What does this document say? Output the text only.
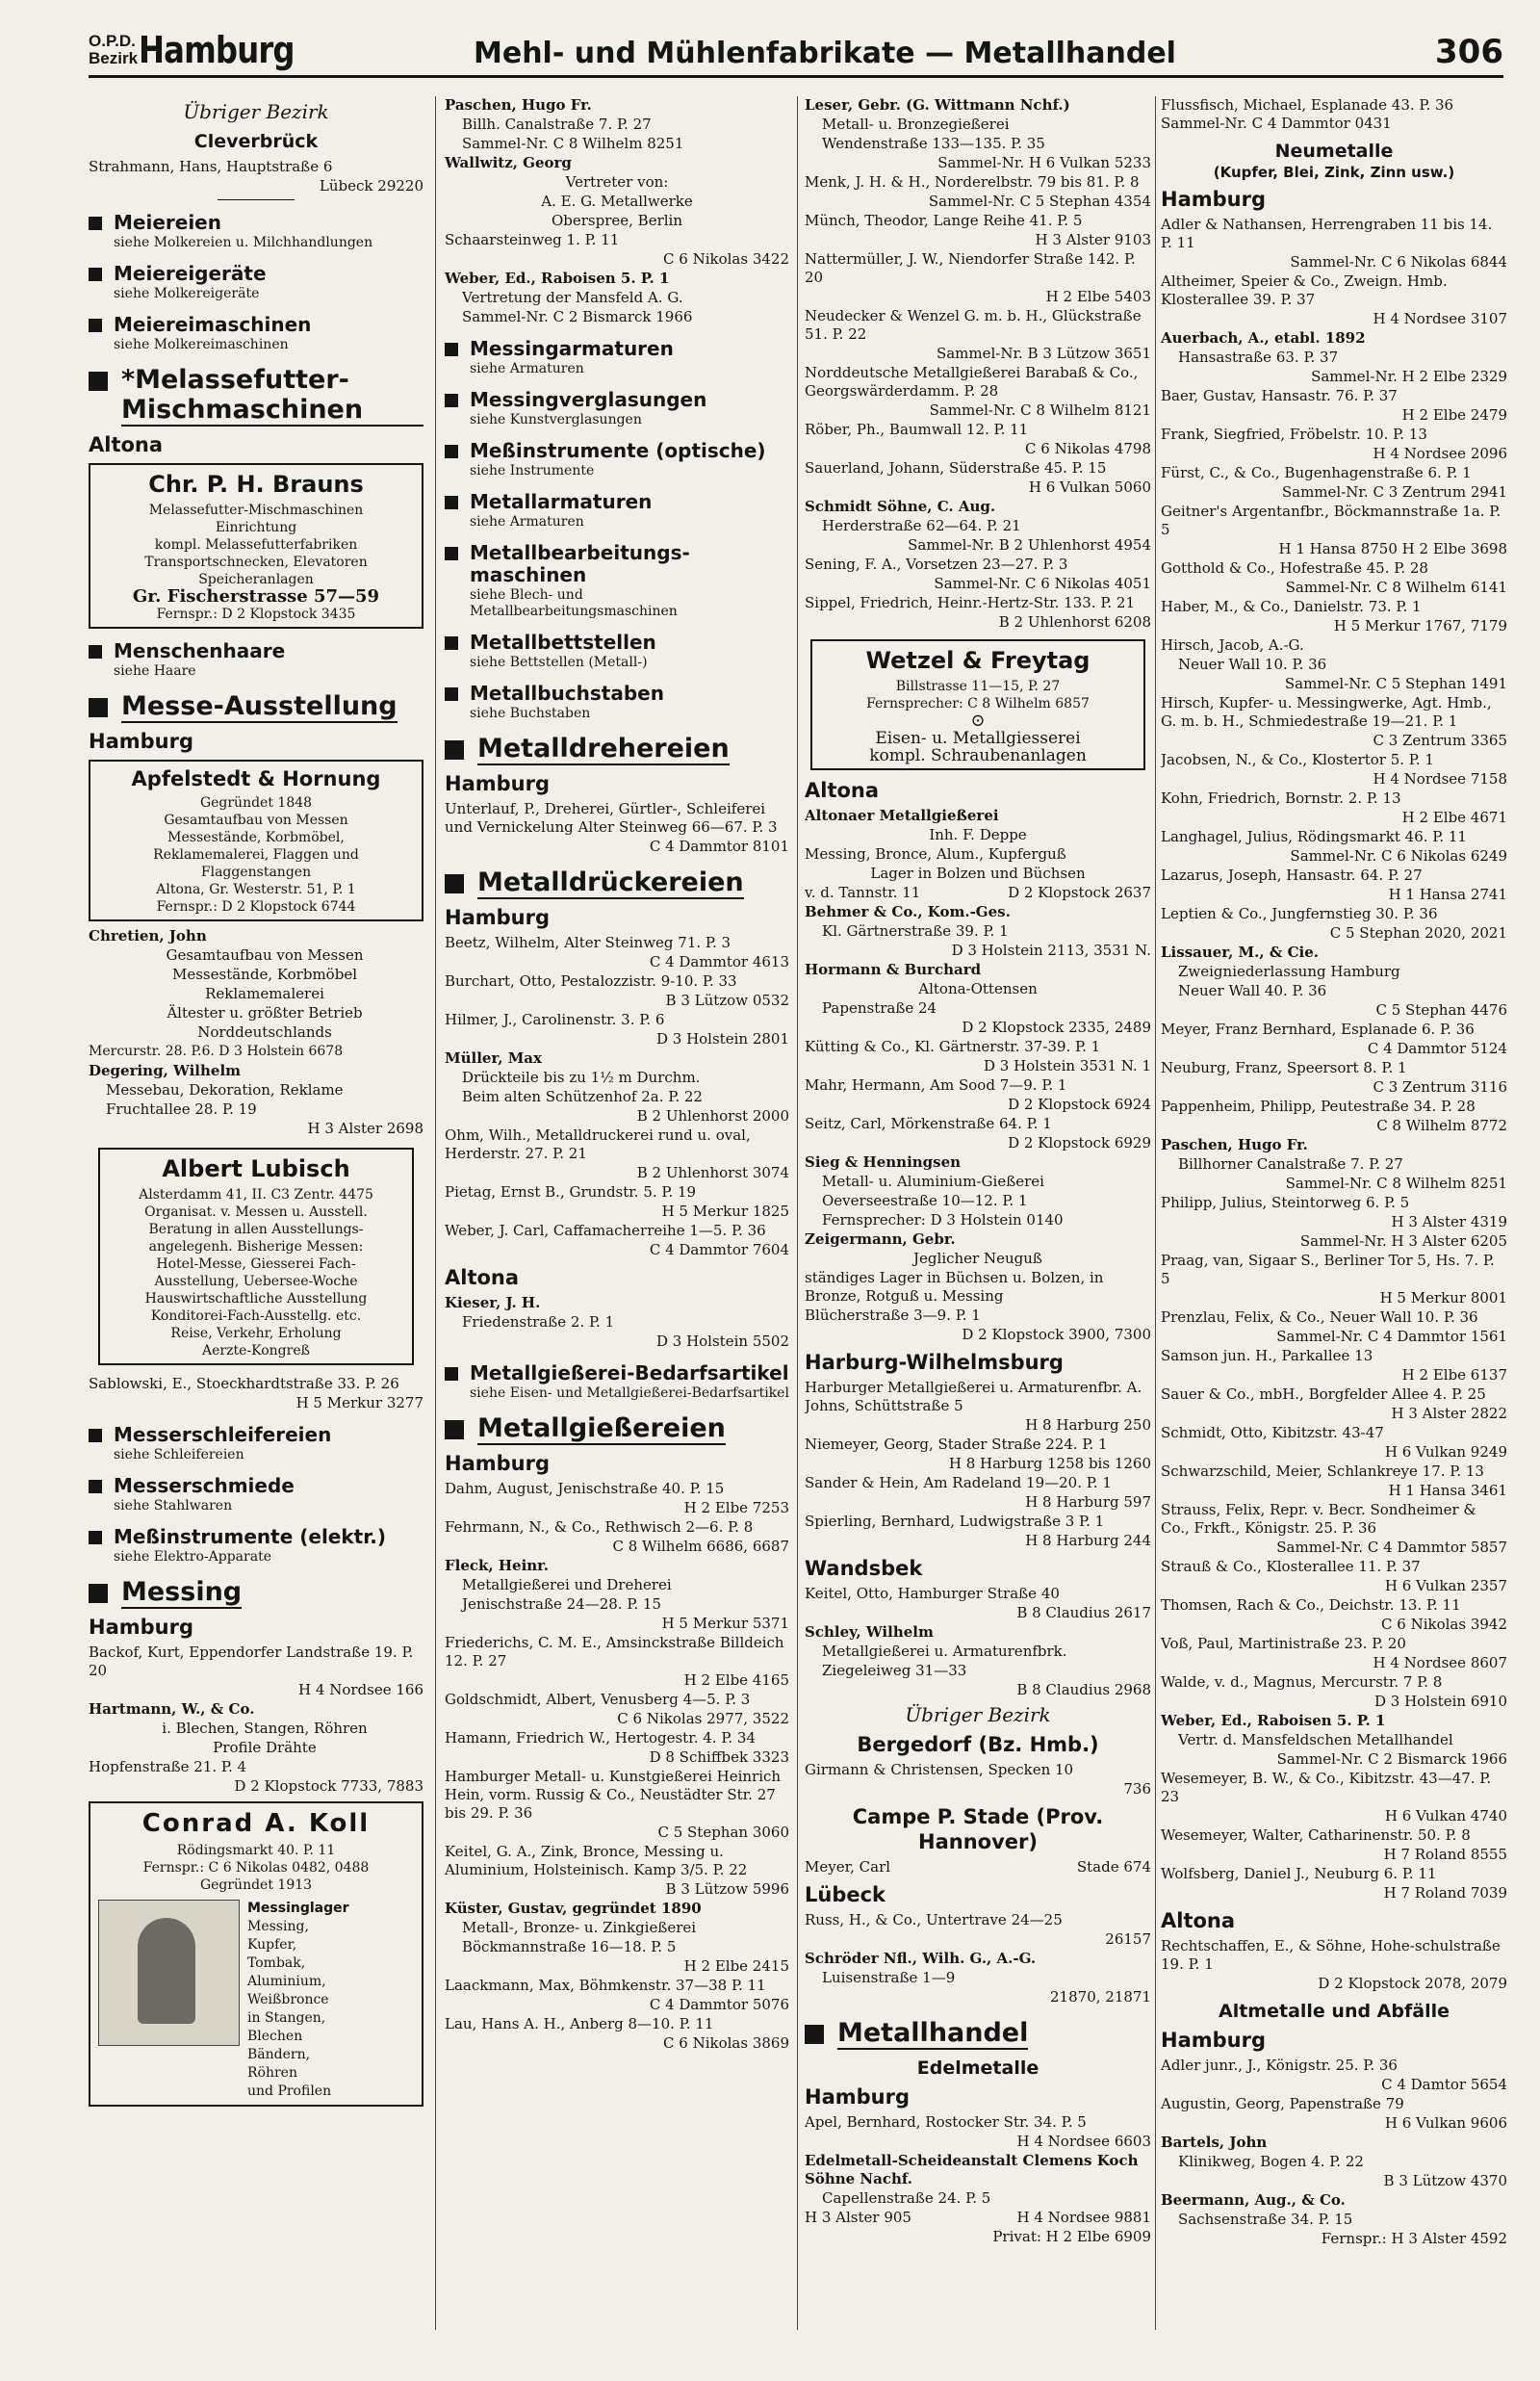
O.P.D.
Bezirk Hamburg	Mehl- und Mühlenfabrikate — Metallhandel	306
Übriger Bezirk
Cleverbrück
Strahmann, Hans, Hauptstraße 6
Lübeck 29220
Meiereien
siehe Molkereien u. Milchhandlungen
Meiereigeräte
siehe Molkereigeräte
Meiereimaschinen
siehe Molkereimaschinen
*Melassefutter-Mischmaschinen
Altona
Chr. P. H. Brauns
Melassefutter-Mischmaschinen
Einrichtung
kompl. Melassefutterfabriken
Transportschnecken, Elevatoren
Speicheranlagen
Gr. Fischerstrasse 57—59
Fernspr.: D 2 Klopstock 3435
Menschenhaare
siehe Haare
Messe-Ausstellung
Hamburg
Apfelstedt & Hornung
Gegründet 1848
Gesamtaufbau von Messen
Messestände, Korbmöbel,
Reklamemalerei, Flaggen und
Flaggenstangen
Altona, Gr. Westerstr. 51, P. 1
Fernspr.: D 2 Klopstock 6744
Chretien, John
Gesamtaufbau von Messen
Messestände, Korbmöbel
Reklamemalerei
Ältester u. größter Betrieb
Norddeutschlands
Mercurstr. 28. P.6. D 3 Holstein 6678
Degering, Wilhelm
Messebau, Dekoration, Reklame
Fruchtallee 28. P. 19
H 3 Alster 2698
Albert Lubisch
Alsterdamm 41, II. C3 Zentr. 4475
Organisat. v. Messen u. Ausstell.
Beratung in allen Ausstellungs-
angelegenh. Bisherige Messen:
Hotel-Messe, Giesserei Fach-
Ausstellung, Uebersee-Woche
Hauswirtschaftliche Ausstellung
Konditorei-Fach-Ausstellg. etc.
Reise, Verkehr, Erholung
Aerzte-Kongreß
Sablowski, E., Stoeckhardtstraße 33. P. 26
H 5 Merkur 3277
Messerschleifereien
siehe Schleifereien
Messerschmiede
siehe Stahlwaren
Meßinstrumente (elektr.)
siehe Elektro-Apparate
Messing
Hamburg
Backof, Kurt, Eppendorfer Landstraße 19. P. 20
H 4 Nordsee 166
Hartmann, W., & Co.
i. Blechen, Stangen, Röhren
Profile Drähte
Hopfenstraße 21. P. 4
D 2 Klopstock 7733, 7883
Conrad A. Koll
Rödingsmarkt 40. P. 11
Fernspr.: C 6 Nikolas 0482, 0488
Gegründet 1913
Messinglager
Messing,
Kupfer,
Tombak,
Aluminium,
Weißbronce
in Stangen,
Blechen
Bändern,
Röhren
und Profilen
Paschen, Hugo Fr.
Billh. Canalstraße 7. P. 27
Sammel-Nr. C 8 Wilhelm 8251
Wallwitz, Georg
Vertreter von:
A. E. G. Metallwerke
Oberspree, Berlin
Schaarsteinweg 1. P. 11
C 6 Nikolas 3422
Weber, Ed., Raboisen 5. P. 1
Vertretung der Mansfeld A. G.
Sammel-Nr. C 2 Bismarck 1966
Messingarmaturen
siehe Armaturen
Messingverglasungen
siehe Kunstverglasungen
Meßinstrumente (optische)
siehe Instrumente
Metallarmaturen
siehe Armaturen
Metallbearbeitungs-maschinen
siehe Blech- und Metallbearbeitungsmaschinen
Metallbettstellen
siehe Bettstellen (Metall-)
Metallbuchstaben
siehe Buchstaben
Metalldrehereien
Hamburg
Unterlauf, P., Dreherei, Gürtler-, Schleiferei und Vernickelung Alter Steinweg 66—67. P. 3
C 4 Dammtor 8101
Metalldrückereien
Hamburg
Beetz, Wilhelm, Alter Steinweg 71. P. 3
C 4 Dammtor 4613
Burchart, Otto, Pestalozzistr. 9-10. P. 33
B 3 Lützow 0532
Hilmer, J., Carolinenstr. 3. P. 6
D 3 Holstein 2801
Müller, Max
Drückteile bis zu 1½ m Durchm.
Beim alten Schützenhof 2a. P. 22
B 2 Uhlenhorst 2000
Ohm, Wilh., Metalldruckerei rund u. oval, Herderstr. 27. P. 21
B 2 Uhlenhorst 3074
Pietag, Ernst B., Grundstr. 5. P. 19
H 5 Merkur 1825
Weber, J. Carl, Caffamacherreihe 1—5. P. 36
C 4 Dammtor 7604
Altona
Kieser, J. H.
Friedenstraße 2. P. 1
D 3 Holstein 5502
Metallgießerei-Bedarfsartikel
siehe Eisen- und Metallgießerei-Bedarfsartikel
Metallgießereien
Hamburg
Dahm, August, Jenischstraße 40. P. 15
H 2 Elbe 7253
Fehrmann, N., & Co., Rethwisch 2—6. P. 8
C 8 Wilhelm 6686, 6687
Fleck, Heinr.
Metallgießerei und Dreherei
Jenischstraße 24—28. P. 15
H 5 Merkur 5371
Friederichs, C. M. E., Amsinckstraße Billdeich 12. P. 27
H 2 Elbe 4165
Goldschmidt, Albert, Venusberg 4—5. P. 3
C 6 Nikolas 2977, 3522
Hamann, Friedrich W., Hertogestr. 4. P. 34
D 8 Schiffbek 3323
Hamburger Metall- u. Kunstgießerei Heinrich Hein, vorm. Russig & Co., Neustädter Str. 27 bis 29. P. 36
C 5 Stephan 3060
Keitel, G. A., Zink, Bronce, Messing u. Aluminium, Holsteinisch. Kamp 3/5. P. 22
B 3 Lützow 5996
Küster, Gustav, gegründet 1890
Metall-, Bronze- u. Zinkgießerei
Böckmannstraße 16—18. P. 5
H 2 Elbe 2415
Laackmann, Max, Böhmkenstr. 37—38 P. 11
C 4 Dammtor 5076
Lau, Hans A. H., Anberg 8—10. P. 11
C 6 Nikolas 3869
Leser, Gebr. (G. Wittmann Nchf.)
Metall- u. Bronzegießerei
Wendenstraße 133—135. P. 35
Sammel-Nr. H 6 Vulkan 5233
Menk, J. H. & H., Norderelbstr. 79 bis 81. P. 8
Sammel-Nr. C 5 Stephan 4354
Münch, Theodor, Lange Reihe 41. P. 5
H 3 Alster 9103
Nattermüller, J. W., Niendorfer Straße 142. P. 20
H 2 Elbe 5403
Neudecker & Wenzel G. m. b. H., Glückstraße 51. P. 22
Sammel-Nr. B 3 Lützow 3651
Norddeutsche Metallgießerei Barabaß & Co., Georgswärderdamm. P. 28
Sammel-Nr. C 8 Wilhelm 8121
Röber, Ph., Baumwall 12. P. 11
C 6 Nikolas 4798
Sauerland, Johann, Süderstraße 45. P. 15
H 6 Vulkan 5060
Schmidt Söhne, C. Aug.
Herderstraße 62—64. P. 21
Sammel-Nr. B 2 Uhlenhorst 4954
Sening, F. A., Vorsetzen 23—27. P. 3
Sammel-Nr. C 6 Nikolas 4051
Sippel, Friedrich, Heinr.-Hertz-Str. 133. P. 21
B 2 Uhlenhorst 6208
Wetzel & Freytag
Billstrasse 11—15, P. 27
Fernsprecher: C 8 Wilhelm 6857
⊙
Eisen- u. Metallgiesserei
kompl. Schraubenanlagen
Altona
Altonaer Metallgießerei
Inh. F. Deppe
Messing, Bronce, Alum., Kupferguß
Lager in Bolzen und Büchsen
v. d. Tannstr. 11	D 2 Klopstock 2637
Behmer & Co., Kom.-Ges.
Kl. Gärtnerstraße 39. P. 1
D 3 Holstein 2113, 3531 N.
Hormann & Burchard
Altona-Ottensen
Papenstraße 24
D 2 Klopstock 2335, 2489
Kütting & Co., Kl. Gärtnerstr. 37-39. P. 1
D 3 Holstein 3531 N. 1
Mahr, Hermann, Am Sood 7—9. P. 1
D 2 Klopstock 6924
Seitz, Carl, Mörkenstraße 64. P. 1
D 2 Klopstock 6929
Sieg & Henningsen
Metall- u. Aluminium-Gießerei
Oeverseestraße 10—12. P. 1
Fernsprecher: D 3 Holstein 0140
Zeigermann, Gebr.
Jeglicher Neuguß
ständiges Lager in Büchsen u. Bolzen, in Bronze, Rotguß u. Messing
Blücherstraße 3—9. P. 1
D 2 Klopstock 3900, 7300
Harburg-Wilhelmsburg
Harburger Metallgießerei u. Armaturenfbr. A. Johns, Schüttstraße 5
H 8 Harburg 250
Niemeyer, Georg, Stader Straße 224. P. 1
H 8 Harburg 1258 bis 1260
Sander & Hein, Am Radeland 19—20. P. 1
H 8 Harburg 597
Spierling, Bernhard, Ludwigstraße 3 P. 1
H 8 Harburg 244
Wandsbek
Keitel, Otto, Hamburger Straße 40
B 8 Claudius 2617
Schley, Wilhelm
Metallgießerei u. Armaturenfbrk.
Ziegeleiweg 31—33
B 8 Claudius 2968
Übriger Bezirk
Bergedorf (Bz. Hmb.)
Girmann & Christensen, Specken 10
736
Campe P. Stade (Prov. Hannover)
Meyer, Carl	Stade 674
Lübeck
Russ, H., & Co., Untertrave 24—25
26157
Schröder Nfl., Wilh. G., A.-G.
Luisenstraße 1—9
21870, 21871
Metallhandel
Edelmetalle
Hamburg
Apel, Bernhard, Rostocker Str. 34. P. 5
H 4 Nordsee 6603
Edelmetall-Scheideanstalt Clemens Koch Söhne Nachf.
Capellenstraße 24. P. 5
H 3 Alster 905	H 4 Nordsee 9881
Privat: H 2 Elbe 6909
Flussfisch, Michael, Esplanade 43. P. 36 Sammel-Nr. C 4 Dammtor 0431
Neumetalle
(Kupfer, Blei, Zink, Zinn usw.)
Hamburg
Adler & Nathansen, Herrengraben 11 bis 14. P. 11
Sammel-Nr. C 6 Nikolas 6844
Altheimer, Speier & Co., Zweign. Hmb. Klosterallee 39. P. 37
H 4 Nordsee 3107
Auerbach, A., etabl. 1892
Hansastraße 63. P. 37
Sammel-Nr. H 2 Elbe 2329
Baer, Gustav, Hansastr. 76. P. 37
H 2 Elbe 2479
Frank, Siegfried, Fröbelstr. 10. P. 13
H 4 Nordsee 2096
Fürst, C., & Co., Bugenhagenstraße 6. P. 1
Sammel-Nr. C 3 Zentrum 2941
Geitner's Argentanfbr., Böckmannstraße 1a. P. 5
H 1 Hansa 8750 H 2 Elbe 3698
Gotthold & Co., Hofestraße 45. P. 28
Sammel-Nr. C 8 Wilhelm 6141
Haber, M., & Co., Danielstr. 73. P. 1
H 5 Merkur 1767, 7179
Hirsch, Jacob, A.-G.
Neuer Wall 10. P. 36
Sammel-Nr. C 5 Stephan 1491
Hirsch, Kupfer- u. Messingwerke, Agt. Hmb., G. m. b. H., Schmiedestraße 19—21. P. 1
C 3 Zentrum 3365
Jacobsen, N., & Co., Klostertor 5. P. 1
H 4 Nordsee 7158
Kohn, Friedrich, Bornstr. 2. P. 13
H 2 Elbe 4671
Langhagel, Julius, Rödingsmarkt 46. P. 11
Sammel-Nr. C 6 Nikolas 6249
Lazarus, Joseph, Hansastr. 64. P. 27
H 1 Hansa 2741
Leptien & Co., Jungfernstieg 30. P. 36
C 5 Stephan 2020, 2021
Lissauer, M., & Cie.
Zweigniederlassung Hamburg
Neuer Wall 40. P. 36
C 5 Stephan 4476
Meyer, Franz Bernhard, Esplanade 6. P. 36
C 4 Dammtor 5124
Neuburg, Franz, Speersort 8. P. 1
C 3 Zentrum 3116
Pappenheim, Philipp, Peutestraße 34. P. 28
C 8 Wilhelm 8772
Paschen, Hugo Fr.
Billhorner Canalstraße 7. P. 27
Sammel-Nr. C 8 Wilhelm 8251
Philipp, Julius, Steintorweg 6. P. 5
H 3 Alster 4319
Sammel-Nr. H 3 Alster 6205
Praag, van, Sigaar S., Berliner Tor 5, Hs. 7. P. 5
H 5 Merkur 8001
Prenzlau, Felix, & Co., Neuer Wall 10. P. 36
Sammel-Nr. C 4 Dammtor 1561
Samson jun. H., Parkallee 13
H 2 Elbe 6137
Sauer & Co., mbH., Borgfelder Allee 4. P. 25
H 3 Alster 2822
Schmidt, Otto, Kibitzstr. 43-47
H 6 Vulkan 9249
Schwarzschild, Meier, Schlankreye 17. P. 13
H 1 Hansa 3461
Strauss, Felix, Repr. v. Becr. Sondheimer & Co., Frkft., Königstr. 25. P. 36
Sammel-Nr. C 4 Dammtor 5857
Strauß & Co., Klosterallee 11. P. 37
H 6 Vulkan 2357
Thomsen, Rach & Co., Deichstr. 13. P. 11
C 6 Nikolas 3942
Voß, Paul, Martinistraße 23. P. 20
H 4 Nordsee 8607
Walde, v. d., Magnus, Mercurstr. 7 P. 8
D 3 Holstein 6910
Weber, Ed., Raboisen 5. P. 1
Vertr. d. Mansfeldschen Metallhandel
Sammel-Nr. C 2 Bismarck 1966
Wesemeyer, B. W., & Co., Kibitzstr. 43—47. P. 23
H 6 Vulkan 4740
Wesemeyer, Walter, Catharinenstr. 50. P. 8
H 7 Roland 8555
Wolfsberg, Daniel J., Neuburg 6. P. 11
H 7 Roland 7039
Altona
Rechtschaffen, E., & Söhne, Hohe-schulstraße 19. P. 1
D 2 Klopstock 2078, 2079
Altmetalle und Abfälle
Hamburg
Adler junr., J., Königstr. 25. P. 36
C 4 Damtor 5654
Augustin, Georg, Papenstraße 79
H 6 Vulkan 9606
Bartels, John
Klinikweg, Bogen 4. P. 22
B 3 Lützow 4370
Beermann, Aug., & Co.
Sachsenstraße 34. P. 15
Fernspr.: H 3 Alster 4592
